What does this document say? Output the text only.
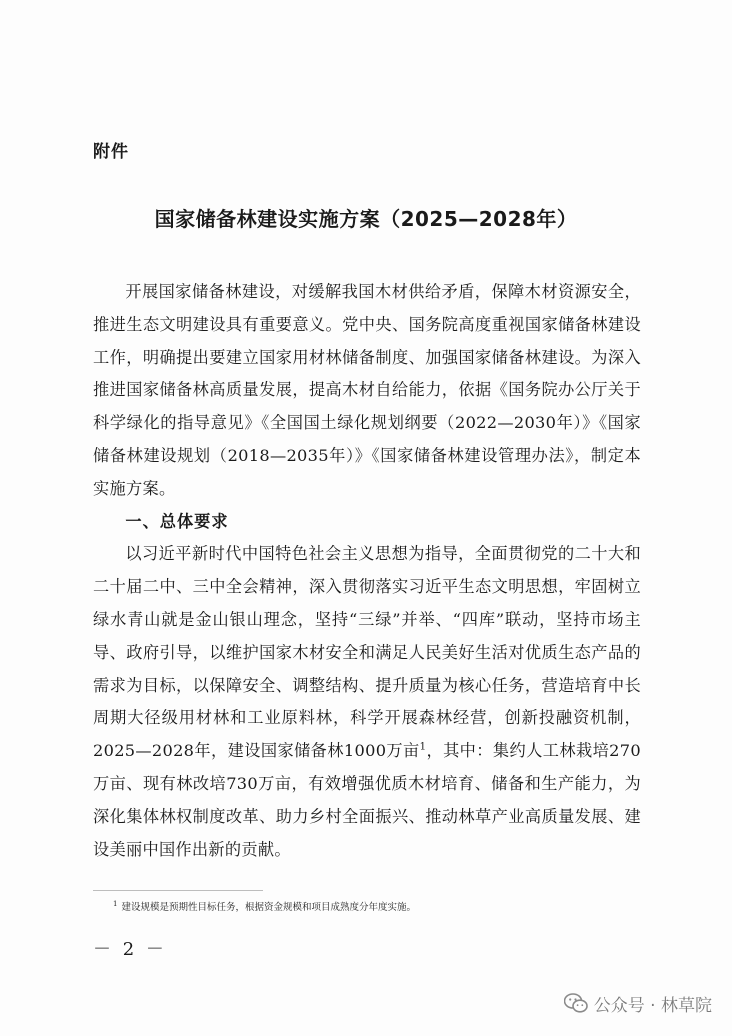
附件
国家储备林建设实施方案（2025—2028年）

开展国家储备林建设，对缓解我国木材供给矛盾，保障木材资源安全，推进生态文明建设具有重要意义。党中央、国务院高度重视国家储备林建设工作，明确提出要建立国家用材林储备制度、加强国家储备林建设。为深入推进国家储备林高质量发展，提高木材自给能力，依据《国务院办公厅关于科学绿化的指导意见》《全国国土绿化规划纲要（2022—2030年）》《国家储备林建设规划（2018—2035年）》《国家储备林建设管理办法》，制定本实施方案。

一、总体要求

以习近平新时代中国特色社会主义思想为指导，全面贯彻党的二十大和二十届二中、三中全会精神，深入贯彻落实习近平生态文明思想，牢固树立绿水青山就是金山银山理念，坚持“三绿”并举、“四库”联动，坚持市场主导、政府引导，以维护国家木材安全和满足人民美好生活对优质生态产品的需求为目标，以保障安全、调整结构、提升质量为核心任务，营造培育中长周期大径级用材林和工业原料林，科学开展森林经营，创新投融资机制，2025—2028年，建设国家储备林1000万亩$^1$，其中：集约人工林栽培270万亩、现有林改培730万亩，有效增强优质木材培育、储备和生产能力，为深化集体林权制度改革、助力乡村全面振兴、推动林草产业高质量发展、建设美丽中国作出新的贡献。

$^1$ 建设规模是预期性目标任务，根据资金规模和项目成熟度分年度实施。
－ 2 －
公众号 · 林草院
